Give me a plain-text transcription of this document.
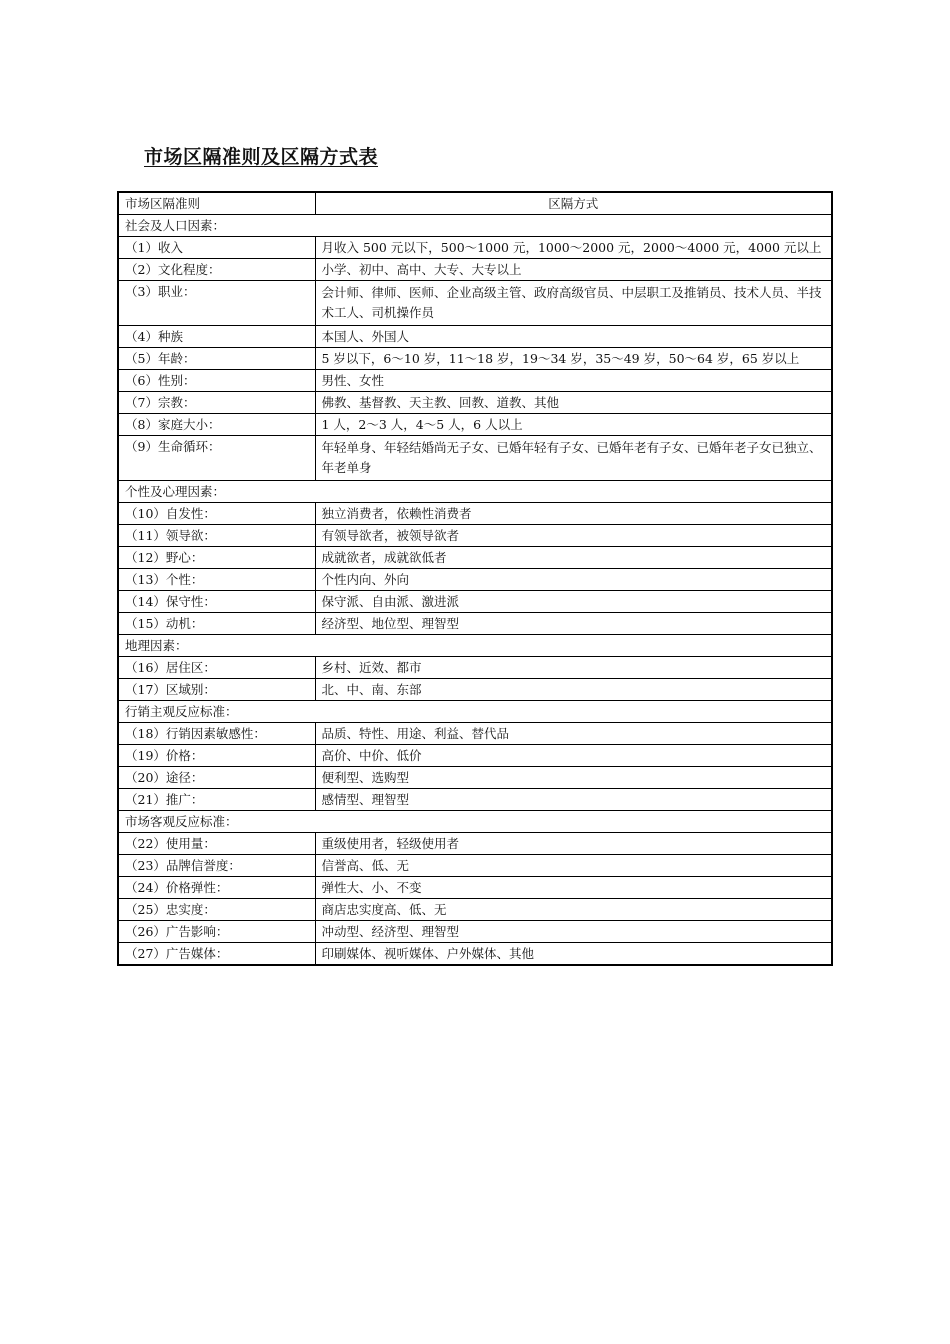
市场区隔准则及区隔方式表
市场区隔准则	区隔方式
社会及人口因素：	
（1）收入	月收入 500 元以下，500～1000 元，1000～2000 元，2000～4000 元，4000 元以上
（2）文化程度：	小学、初中、高中、大专、大专以上
（3）职业：	会计师、律师、医师、企业高级主管、政府高级官员、中层职工及推销员、技术人员、半技术工人、司机操作员
（4）种族	本国人、外国人
（5）年龄：	5 岁以下，6～10 岁，11～18 岁，19～34 岁，35～49 岁，50～64 岁，65 岁以上
（6）性别：	男性、女性
（7）宗教：	佛教、基督教、天主教、回教、道教、其他
（8）家庭大小：	1 人，2～3 人，4～5 人，6 人以上
（9）生命循环：	年轻单身、年轻结婚尚无子女、已婚年轻有子女、已婚年老有子女、已婚年老子女已独立、年老单身
个性及心理因素：	
（10）自发性：	独立消费者，依赖性消费者
（11）领导欲：	有领导欲者，被领导欲者
（12）野心：	成就欲者，成就欲低者
（13）个性：	个性内向、外向
（14）保守性：	保守派、自由派、激进派
（15）动机：	经济型、地位型、理智型
地理因素：	
（16）居住区：	乡村、近效、都市
（17）区域别：	北、中、南、东部
行销主观反应标准：	
（18）行销因素敏感性：	品质、特性、用途、利益、替代品
（19）价格：	高价、中价、低价
（20）途径：	便利型、选购型
（21）推广：	感情型、理智型
市场客观反应标准：	
（22）使用量：	重级使用者，轻级使用者
（23）品牌信誉度：	信誉高、低、无
（24）价格弹性：	弹性大、小、不变
（25）忠实度：	商店忠实度高、低、无
（26）广告影响：	冲动型、经济型、理智型
（27）广告媒体：	印刷媒体、视听媒体、户外媒体、其他
